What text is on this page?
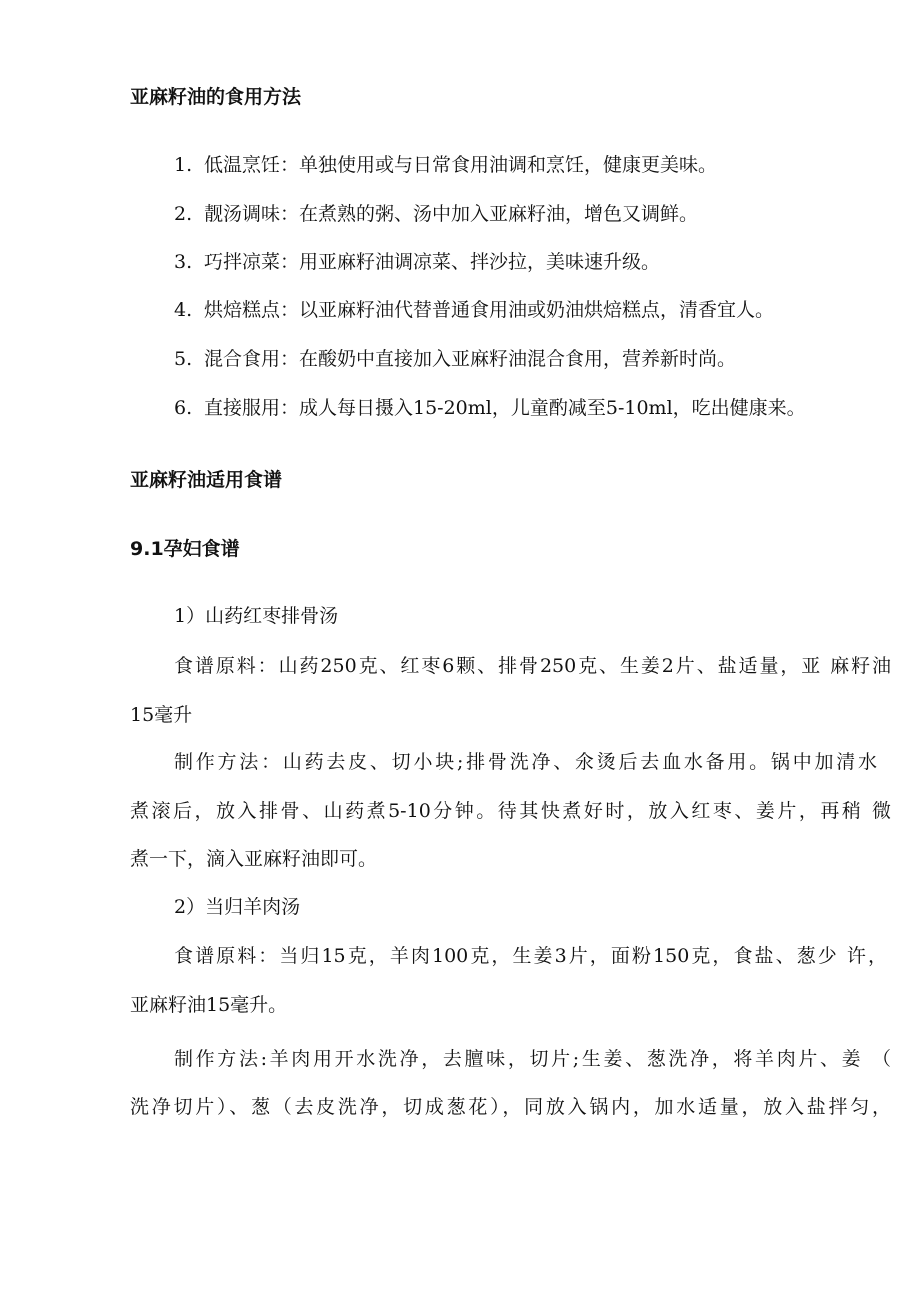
亚麻籽油的食用方法
1. 低温烹饪：单独使用或与日常食用油调和烹饪，健康更美味。
2. 靓汤调味：在煮熟的粥、汤中加入亚麻籽油，增色又调鲜。
3. 巧拌凉菜：用亚麻籽油调凉菜、拌沙拉，美味速升级。
4. 烘焙糕点：以亚麻籽油代替普通食用油或奶油烘焙糕点，清香宜人。
5. 混合食用：在酸奶中直接加入亚麻籽油混合食用，营养新时尚。
6. 直接服用：成人每日摄入15-20ml，儿童酌减至5-10ml，吃出健康来。
亚麻籽油适用食谱
9.1孕妇食谱
1）山药红枣排骨汤
食谱原料：山药250克、红枣6颗、排骨250克、生姜2片、盐适量，亚 麻籽油
15毫升
制作方法：山药去皮、切小块;排骨洗净、氽烫后去血水备用。锅中加清水
煮滚后，放入排骨、山药煮5-10分钟。待其快煮好时，放入红枣、姜片，再稍 微
煮一下，滴入亚麻籽油即可。
2）当归羊肉汤
食谱原料：当归15克，羊肉100克，生姜3片，面粉150克，食盐、葱少 许，
亚麻籽油15毫升。
制作方法:羊肉用开水洗净，去膻味，切片;生姜、葱洗净，将羊肉片、姜 （
洗净切片）、葱（去皮洗净，切成葱花），同放入锅内，加水适量，放入盐拌匀，
